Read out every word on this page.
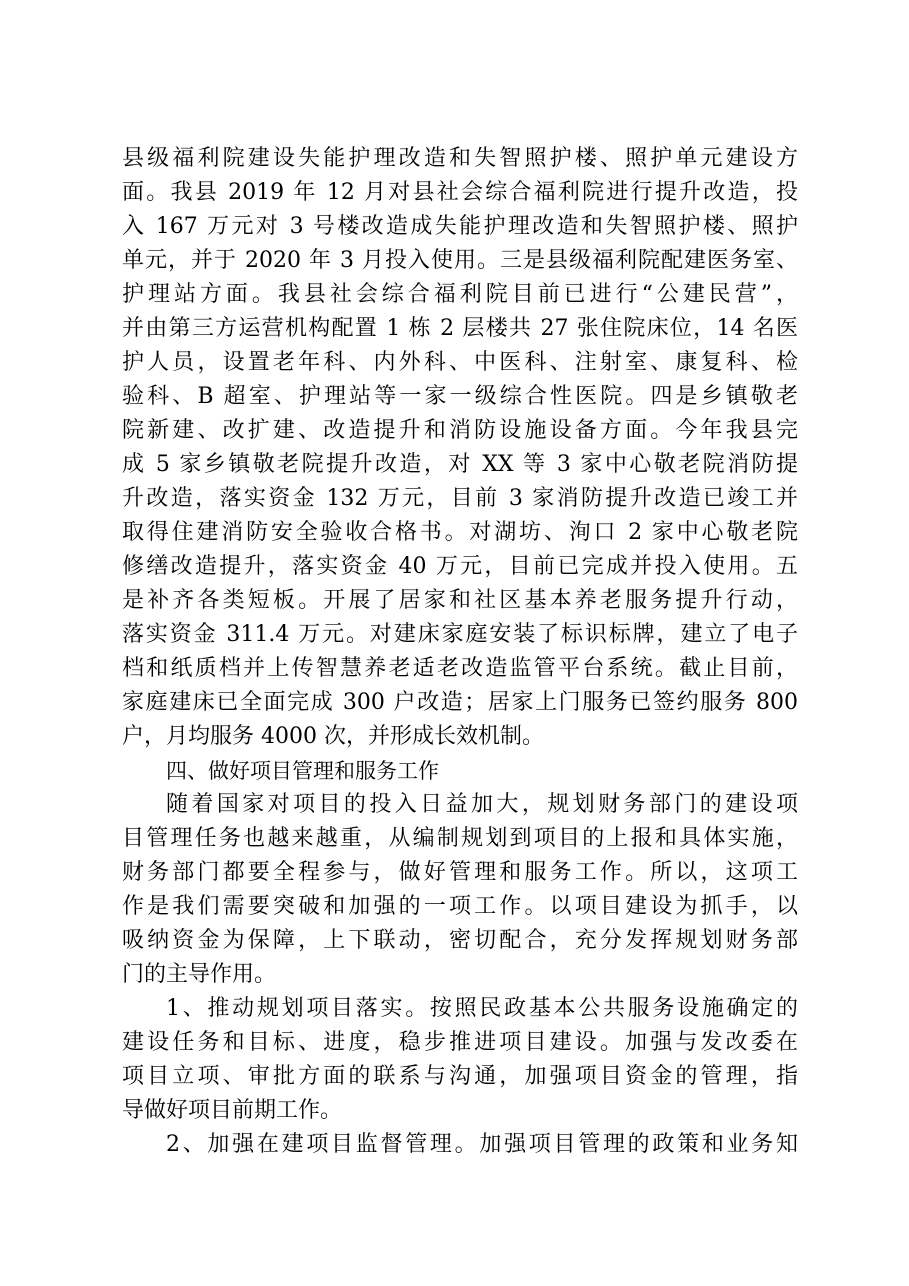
县级福利院建设失能护理改造和失智照护楼、照护单元建设方
面。我县 2019 年 12 月对县社会综合福利院进行提升改造，投
入 167 万元对 3 号楼改造成失能护理改造和失智照护楼、照护
单元，并于 2020 年 3 月投入使用。三是县级福利院配建医务室、
护理站方面。我县社会综合福利院目前已进行“公建民营”，
并由第三方运营机构配置 1 栋 2 层楼共 27 张住院床位，14 名医
护人员，设置老年科、内外科、中医科、注射室、康复科、检
验科、B 超室、护理站等一家一级综合性医院。四是乡镇敬老
院新建、改扩建、改造提升和消防设施设备方面。今年我县完
成 5 家乡镇敬老院提升改造，对 XX 等 3 家中心敬老院消防提
升改造，落实资金 132 万元，目前 3 家消防提升改造已竣工并
取得住建消防安全验收合格书。对湖坊、洵口 2 家中心敬老院
修缮改造提升，落实资金 40 万元，目前已完成并投入使用。五
是补齐各类短板。开展了居家和社区基本养老服务提升行动，
落实资金 311.4 万元。对建床家庭安装了标识标牌，建立了电子
档和纸质档并上传智慧养老适老改造监管平台系统。截止目前，
家庭建床已全面完成 300 户改造；居家上门服务已签约服务 800
户，月均服务 4000 次，并形成长效机制。
四、做好项目管理和服务工作
随着国家对项目的投入日益加大，规划财务部门的建设项
目管理任务也越来越重，从编制规划到项目的上报和具体实施，
财务部门都要全程参与，做好管理和服务工作。所以，这项工
作是我们需要突破和加强的一项工作。以项目建设为抓手，以
吸纳资金为保障，上下联动，密切配合，充分发挥规划财务部
门的主导作用。
1、推动规划项目落实。按照民政基本公共服务设施确定的
建设任务和目标、进度，稳步推进项目建设。加强与发改委在
项目立项、审批方面的联系与沟通，加强项目资金的管理，指
导做好项目前期工作。
2、加强在建项目监督管理。加强项目管理的政策和业务知
